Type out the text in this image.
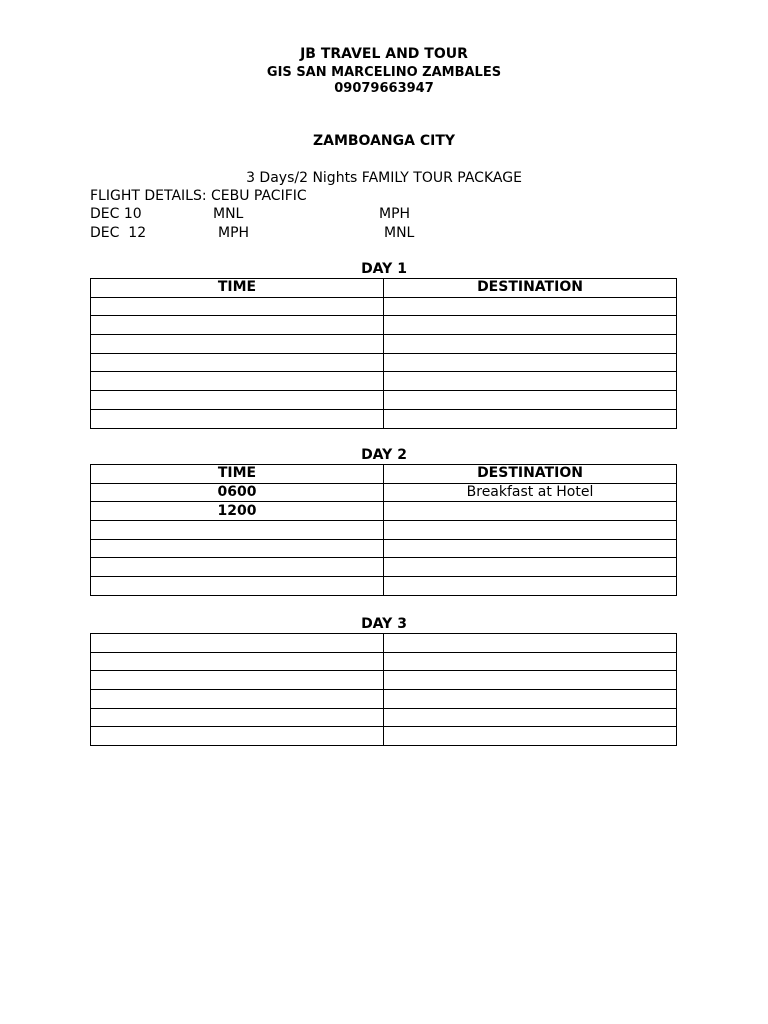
JB TRAVEL AND TOUR
GIS SAN MARCELINO ZAMBALES
09079663947
ZAMBOANGA CITY
3 Days/2 Nights FAMILY TOUR PACKAGE
FLIGHT DETAILS: CEBU PACIFIC
DEC 10	MNL	MPH
DEC  12	MPH	MNL
DAY 1
TIME	DESTINATION

DAY 2
TIME	DESTINATION
0600	Breakfast at Hotel
1200	

DAY 3
